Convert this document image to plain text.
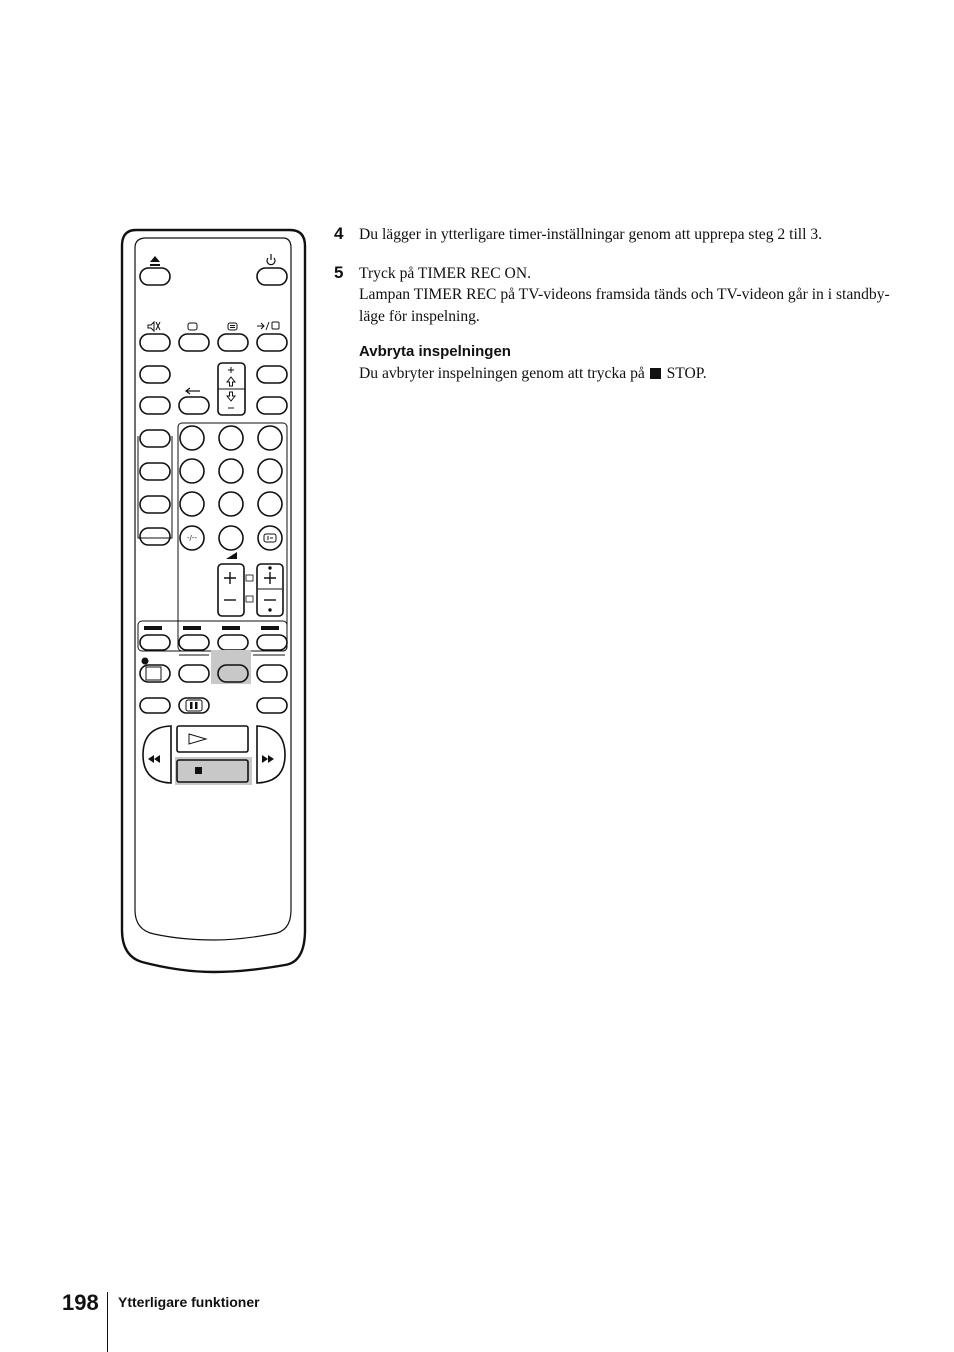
-/--
4 Du lägger in ytterligare timer-inställningar genom att upprepa steg 2 till 3.
5 Tryck på TIMER REC ON.
Lampan TIMER REC på TV-videons framsida tänds och TV-videon går in i standby-läge för inspelning.
Avbryta inspelningen
Du avbryter inspelningen genom att trycka på STOP.
198 Ytterligare funktioner
